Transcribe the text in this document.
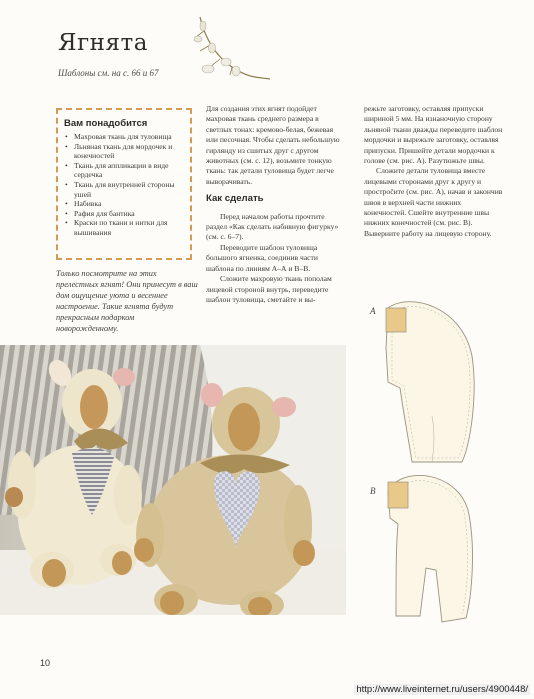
Ягнята
Шаблоны см. на с. 66 и 67
Вам понадобится
• Махровая ткань для туловища
• Льняная ткань для мордочек и конечностей
• Ткань для аппликации в виде сердечка
• Ткань для внутренней стороны ушей
• Набивка
• Рафия для бантика
• Краски по ткани и нитки для вышивания
Только посмотрите на этих прелестных ягнят! Они принесут в ваш дом ощущение уюта и весеннее настроение. Такие ягнята будут прекрасным подарком новорожденному.

Для создания этих ягнят подойдет махровая ткань среднего размера в светлых тонах: кремово-белая, бежевая или песочная. Чтобы сделать небольшую гирлянду из сшитых друг с другом животных (см. с. 12), возьмите тонкую ткань: так детали туловища будет легче выворачивать.

Как сделать

Перед началом работы прочтите раздел «Как сделать набивную фигурку» (см. с. 6–7).

Переводите шаблон туловища большого ягненка, соединив части шаблона по линиям А–А и В–В.

Сложите махровую ткань пополам лицевой стороной внутрь, переведите шаблон туловища, сметайте и вы-

режьте заготовку, оставляя припуски шириной 5 мм. На изнаночную сторону льняной ткани дважды переведите шаблон мордочки и вырежьте заготовку, оставляя припуски. Пришейте детали мордочки к голове (см. рис. А). Разутюжьте швы.

Сложите детали туловища вместе лицевыми сторонами друг к другу и простроčите (см. рис. А), начав и закончив швов в верхней части нижних конечностей. Сшейте внутренние швы нижних конечностей (см. рис. В). Выверните работу на лицевую сторону.

A
B
10
http://www.liveinternet.ru/users/4900448/
